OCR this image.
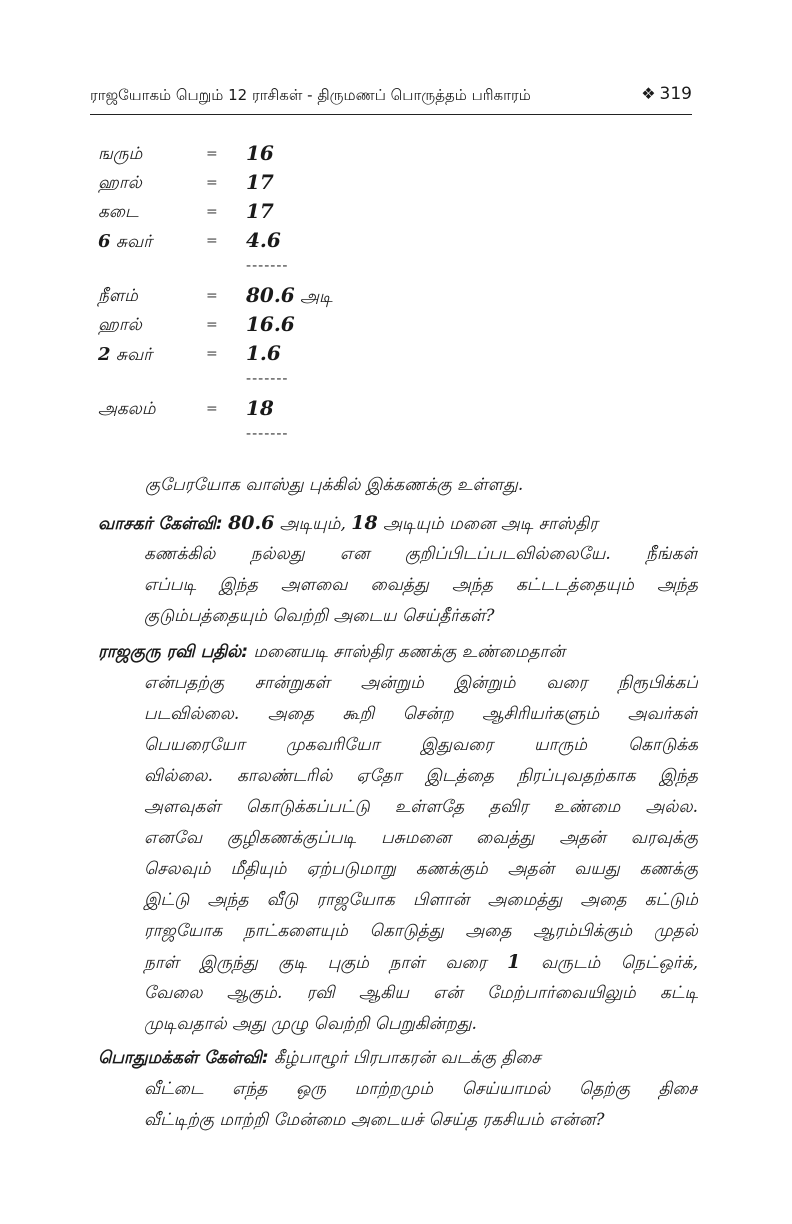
ராஜயோகம் பெறும் 12 ராசிகள் - திருமணப் பொருத்தம் பரிகாரம்	❖ 319
ஙரும்	= 16
ஹால்	= 17
கடை	= 17
6 சுவர்	= 4.6
-------
நீளம்	= 80.6 அடி
ஹால்	= 16.6
2 சுவர்	= 1.6
-------
அகலம்	= 18
-------
குபேரயோக வாஸ்து புக்கில் இக்கணக்கு உள்ளது.
வாசகர் கேள்வி: 80.6 அடியும், 18 அடியும் மனை அடி சாஸ்திர
கணக்கில் நல்லது என குறிப்பிடப்படவில்லையே. நீங்கள்
எப்படி இந்த அளவை வைத்து அந்த கட்டடத்தையும் அந்த
குடும்பத்தையும் வெற்றி அடைய செய்தீர்கள்?
ராஜகுரு ரவி பதில்: மனையடி சாஸ்திர கணக்கு உண்மைதான்
என்பதற்கு சான்றுகள் அன்றும் இன்றும் வரை நிரூபிக்கப்
படவில்லை. அதை கூறி சென்ற ஆசிரியர்களும் அவர்கள்
பெயரையோ முகவரியோ இதுவரை யாரும் கொடுக்க
வில்லை. காலண்டரில் ஏதோ இடத்தை நிரப்புவதற்காக இந்த
அளவுகள் கொடுக்கப்பட்டு உள்ளதே தவிர உண்மை அல்ல.
எனவே குழிகணக்குப்படி பசுமனை வைத்து அதன் வரவுக்கு
செலவும் மீதியும் ஏற்படுமாறு கணக்கும் அதன் வயது கணக்கு
இட்டு அந்த வீடு ராஜயோக பிளான் அமைத்து அதை கட்டும்
ராஜயோக நாட்களையும் கொடுத்து அதை ஆரம்பிக்கும் முதல்
நாள் இருந்து குடி புகும் நாள் வரை 1 வருடம் நெட்ஒர்க்,
வேலை ஆகும். ரவி ஆகிய என் மேற்பார்வையிலும் கட்டி
முடிவதால் அது முழு வெற்றி பெறுகின்றது.
பொதுமக்கள் கேள்வி: கீழ்பாழூர் பிரபாகரன் வடக்கு திசை
வீட்டை எந்த ஒரு மாற்றமும் செய்யாமல் தெற்கு திசை
வீட்டிற்கு மாற்றி மேன்மை அடையச் செய்த ரகசியம் என்ன?
